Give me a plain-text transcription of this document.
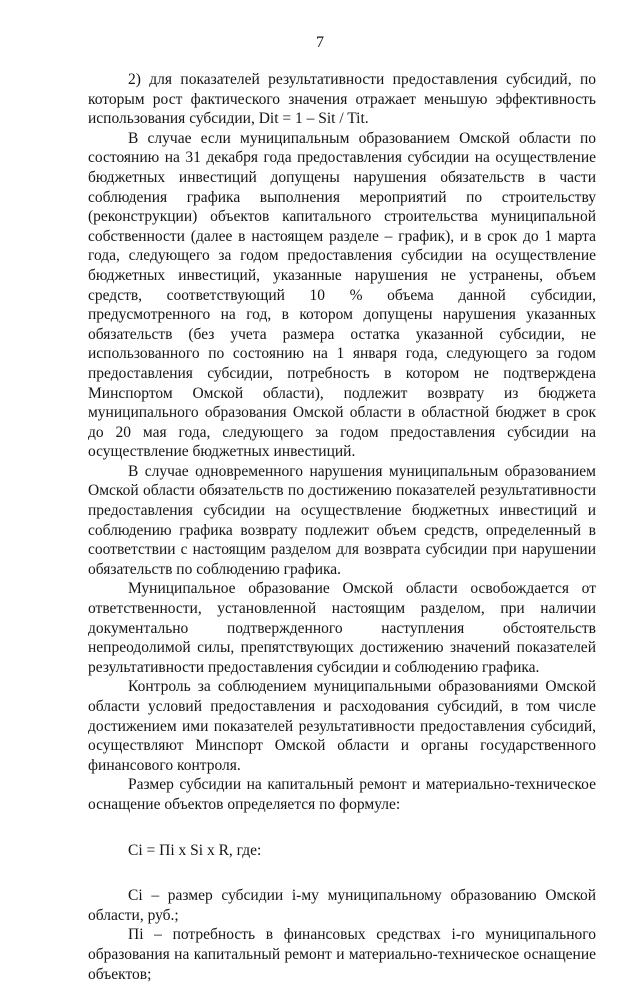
7

2) для показателей результативности предоставления субсидий, по которым рост фактического значения отражает меньшую эффективность использования субсидии, Dit = 1 – Sit / Tit.

В случае если муниципальным образованием Омской области по состоянию на 31 декабря года предоставления субсидии на осуществление бюджетных инвестиций допущены нарушения обязательств в части соблюдения графика выполнения мероприятий по строительству (реконструкции) объектов капитального строительства муниципальной собственности (далее в настоящем разделе – график), и в срок до 1 марта года, следующего за годом предоставления субсидии на осуществление бюджетных инвестиций, указанные нарушения не устранены, объем средств, соответствующий 10 % объема данной субсидии, предусмотренного на год, в котором допущены нарушения указанных обязательств (без учета размера остатка указанной субсидии, не использованного по состоянию на 1 января года, следующего за годом предоставления субсидии, потребность в котором не подтверждена Минспортом Омской области), подлежит возврату из бюджета муниципального образования Омской области в областной бюджет в срок до 20 мая года, следующего за годом предоставления субсидии на осуществление бюджетных инвестиций.

В случае одновременного нарушения муниципальным образованием Омской области обязательств по достижению показателей результативности предоставления субсидии на осуществление бюджетных инвестиций и соблюдению графика возврату подлежит объем средств, определенный в соответствии с настоящим разделом для возврата субсидии при нарушении обязательств по соблюдению графика.

Муниципальное образование Омской области освобождается от ответственности, установленной настоящим разделом, при наличии документально подтвержденного наступления обстоятельств непреодолимой силы, препятствующих достижению значений показателей результативности предоставления субсидии и соблюдению графика.

Контроль за соблюдением муниципальными образованиями Омской области условий предоставления и расходования субсидий, в том числе достижением ими показателей результативности предоставления субсидий, осуществляют Минспорт Омской области и органы государственного финансового контроля.

Размер субсидии на капитальный ремонт и материально-техническое оснащение объектов определяется по формуле:

Сi = Пi x Si x R, где:

Сi – размер субсидии i-му муниципальному образованию Омской области, руб.;

Пi – потребность в финансовых средствах i-го муниципального образования на капитальный ремонт и материально-техническое оснащение объектов;
